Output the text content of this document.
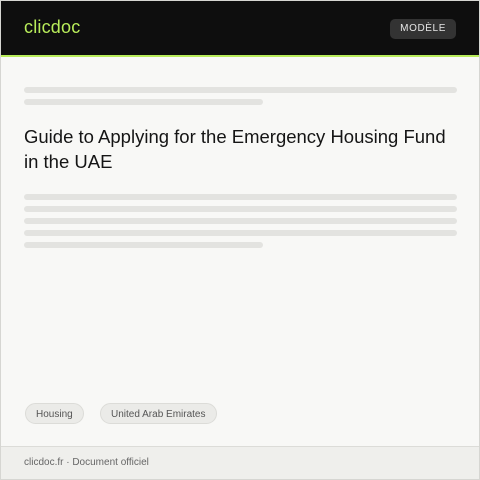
clicdoc	MODÈLE
Guide to Applying for the Emergency Housing Fund in the UAE
Housing	United Arab Emirates
clicdoc.fr · Document officiel
